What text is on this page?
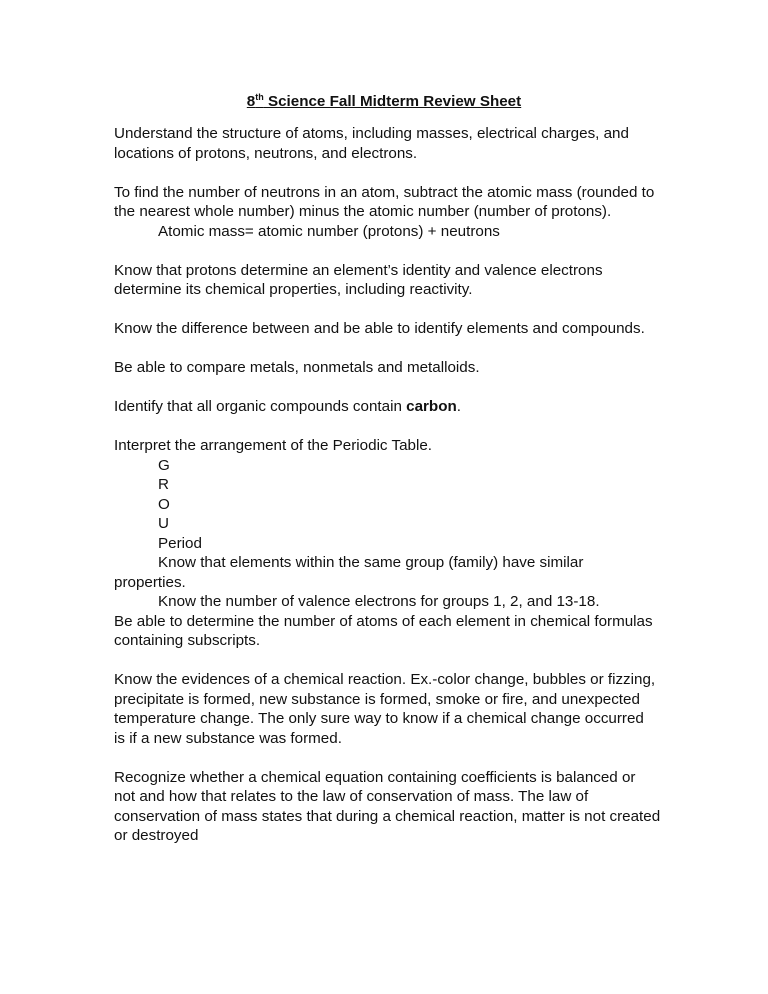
8th Science Fall Midterm Review Sheet

Understand the structure of atoms, including masses, electrical charges, and

locations of protons, neutrons, and electrons.

To find the number of neutrons in an atom, subtract the atomic mass (rounded to

the nearest whole number) minus the atomic number (number of protons).

Atomic mass= atomic number (protons) + neutrons

Know that protons determine an element’s identity and valence electrons

determine its chemical properties, including reactivity.

Know the difference between and be able to identify elements and compounds.

Be able to compare metals, nonmetals and metalloids.

Identify that all organic compounds contain carbon.

Interpret the arrangement of the Periodic Table.

G

R

O

U

Period

Know that elements within the same group (family) have similar

properties.

Know the number of valence electrons for groups 1, 2, and 13-18.

Be able to determine the number of atoms of each element in chemical formulas

containing subscripts.

Know the evidences of a chemical reaction. Ex.-color change, bubbles or fizzing,

precipitate is formed, new substance is formed, smoke or fire, and unexpected

temperature change. The only sure way to know if a chemical change occurred

is if a new substance was formed.

Recognize whether a chemical equation containing coefficients is balanced or

not and how that relates to the law of conservation of mass. The law of

conservation of mass states that during a chemical reaction, matter is not created

or destroyed
